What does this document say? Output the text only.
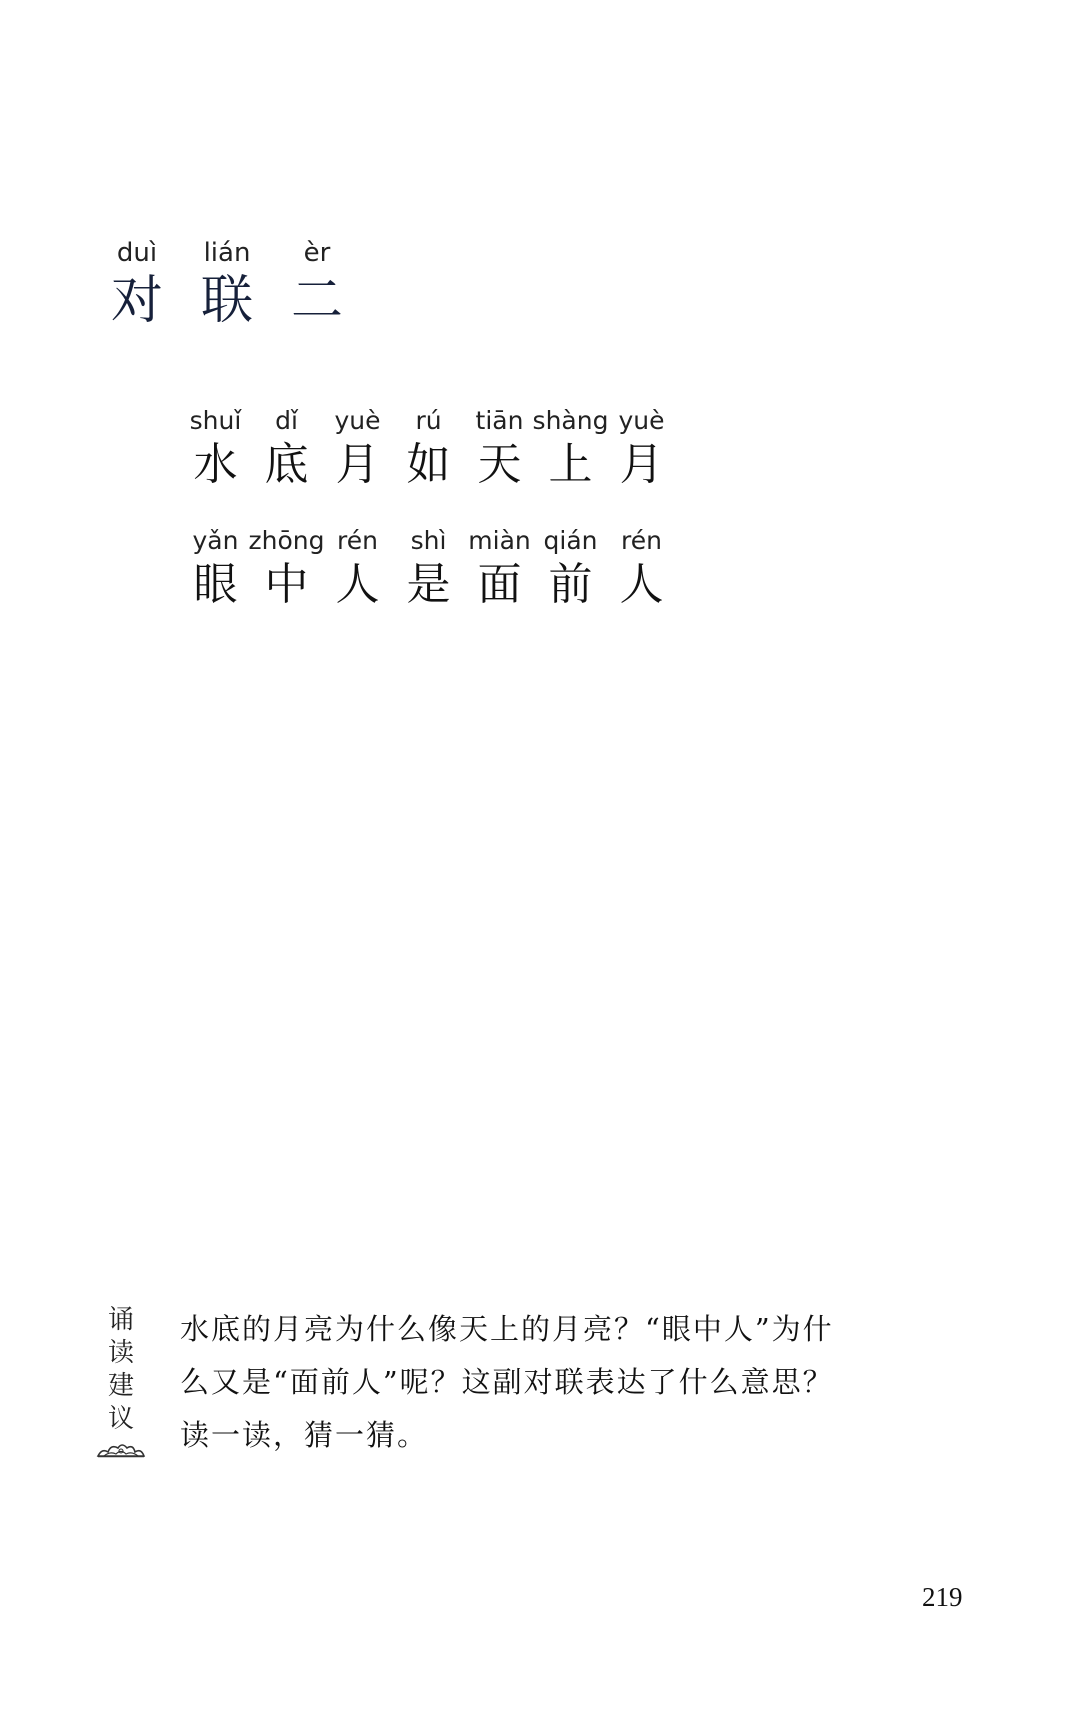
duì
对
lián
联
èr
二
shuǐ
水
dǐ
底
yuè
月
rú
如
tiān
天
shàng
上
yuè
月
yǎn
眼
zhōng
中
rén
人
shì
是
miàn
面
qián
前
rén
人
诵
读
建
议

水底的月亮为什么像天上的月亮？“眼中人”为什

么又是“面前人”呢？这副对联表达了什么意思？

读一读，猜一猜。

219
